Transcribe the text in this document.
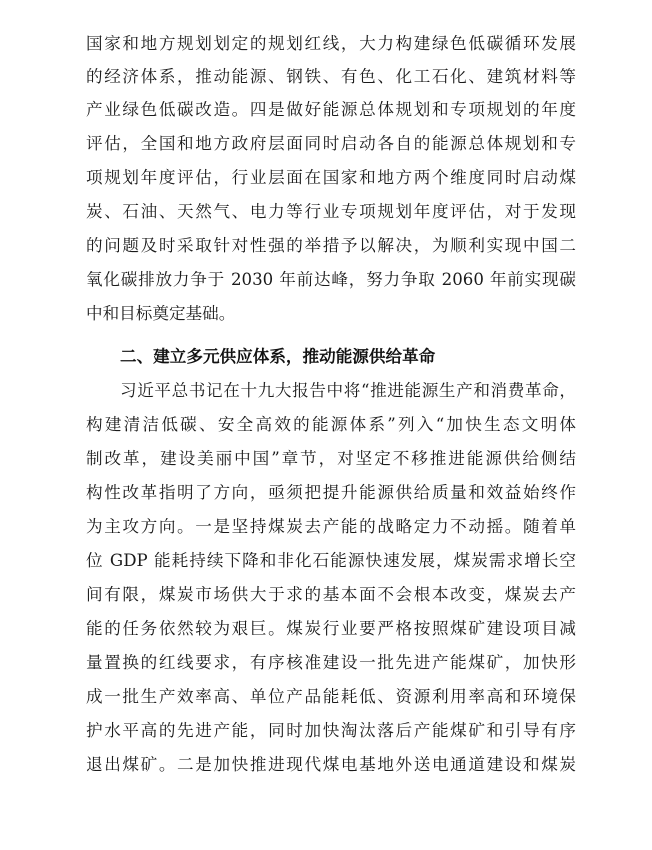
国家和地方规划划定的规划红线，大力构建绿色低碳循环发展
的经济体系，推动能源、钢铁、有色、化工石化、建筑材料等
产业绿色低碳改造。四是做好能源总体规划和专项规划的年度
评估，全国和地方政府层面同时启动各自的能源总体规划和专
项规划年度评估，行业层面在国家和地方两个维度同时启动煤
炭、石油、天然气、电力等行业专项规划年度评估，对于发现
的问题及时采取针对性强的举措予以解决，为顺利实现中国二
氧化碳排放力争于 2030 年前达峰，努力争取 2060 年前实现碳
中和目标奠定基础。
二、建立多元供应体系，推动能源供给革命
习近平总书记在十九大报告中将“推进能源生产和消费革命，
构建清洁低碳、安全高效的能源体系”列入“加快生态文明体
制改革，建设美丽中国”章节，对坚定不移推进能源供给侧结
构性改革指明了方向，亟须把提升能源供给质量和效益始终作
为主攻方向。一是坚持煤炭去产能的战略定力不动摇。随着单
位 GDP 能耗持续下降和非化石能源快速发展，煤炭需求增长空
间有限，煤炭市场供大于求的基本面不会根本改变，煤炭去产
能的任务依然较为艰巨。煤炭行业要严格按照煤矿建设项目减
量置换的红线要求，有序核准建设一批先进产能煤矿，加快形
成一批生产效率高、单位产品能耗低、资源利用率高和环境保
护水平高的先进产能，同时加快淘汰落后产能煤矿和引导有序
退出煤矿。二是加快推进现代煤电基地外送电通道建设和煤炭
